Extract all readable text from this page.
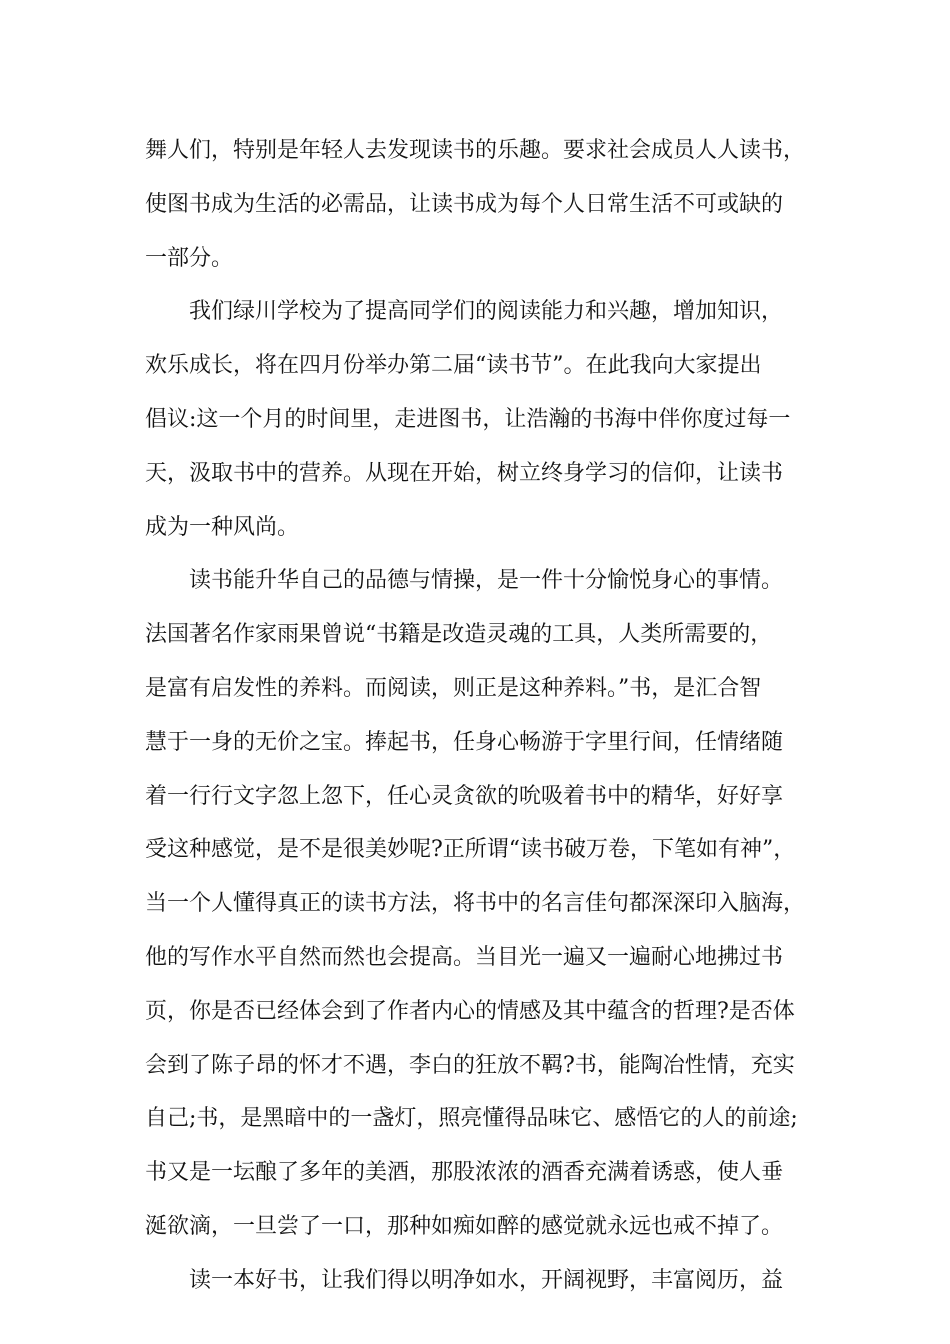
舞人们，特别是年轻人去发现读书的乐趣。要求社会成员人人读书，
使图书成为生活的必需品，让读书成为每个人日常生活不可或缺的
一部分。
我们绿川学校为了提高同学们的阅读能力和兴趣，增加知识，
欢乐成长，将在四月份举办第二届“读书节”。在此我向大家提出
倡议:这一个月的时间里，走进图书，让浩瀚的书海中伴你度过每一
天，汲取书中的营养。从现在开始，树立终身学习的信仰，让读书
成为一种风尚。
读书能升华自己的品德与情操，是一件十分愉悦身心的事情。
法国著名作家雨果曾说“书籍是改造灵魂的工具，人类所需要的，
是富有启发性的养料。而阅读，则正是这种养料。”书，是汇合智
慧于一身的无价之宝。捧起书，任身心畅游于字里行间，任情绪随
着一行行文字忽上忽下，任心灵贪欲的吮吸着书中的精华，好好享
受这种感觉，是不是很美妙呢?正所谓“读书破万卷，下笔如有神”，
当一个人懂得真正的读书方法，将书中的名言佳句都深深印入脑海，
他的写作水平自然而然也会提高。当目光一遍又一遍耐心地拂过书
页，你是否已经体会到了作者内心的情感及其中蕴含的哲理?是否体
会到了陈子昂的怀才不遇，李白的狂放不羁?书，能陶冶性情，充实
自己;书，是黑暗中的一盏灯，照亮懂得品味它、感悟它的人的前途;
书又是一坛酿了多年的美酒，那股浓浓的酒香充满着诱惑，使人垂
涎欲滴，一旦尝了一口，那种如痴如醉的感觉就永远也戒不掉了。
读一本好书，让我们得以明净如水，开阔视野，丰富阅历，益
